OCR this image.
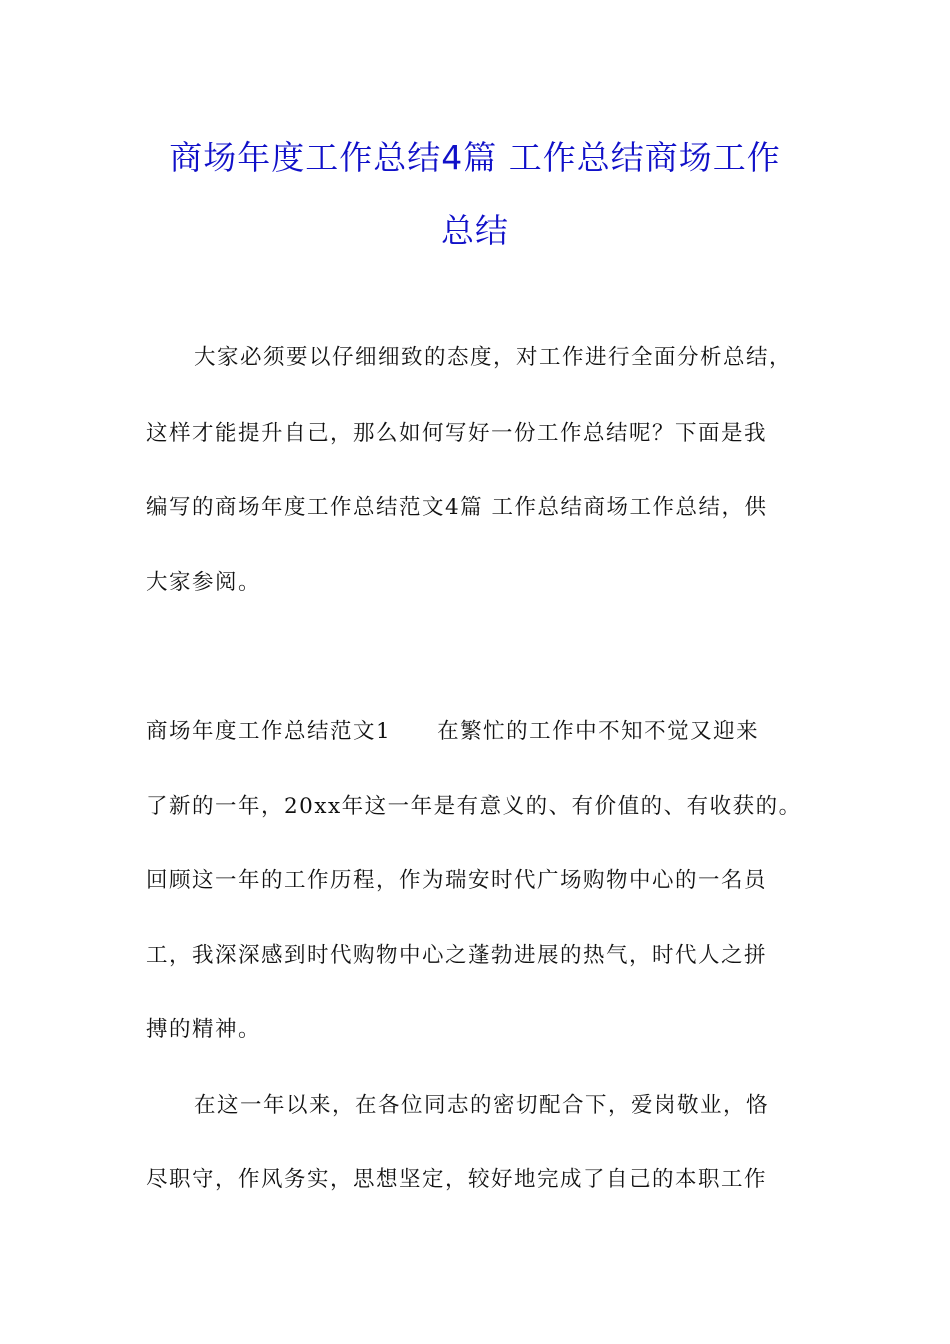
商场年度工作总结4篇 工作总结商场工作
总结
大家必须要以仔细细致的态度，对工作进行全面分析总结，
这样才能提升自己，那么如何写好一份工作总结呢？下面是我
编写的商场年度工作总结范文4篇 工作总结商场工作总结，供
大家参阅。
商场年度工作总结范文1　　在繁忙的工作中不知不觉又迎来
了新的一年，20xx年这一年是有意义的、有价值的、有收获的。
回顾这一年的工作历程，作为瑞安时代广场购物中心的一名员
工，我深深感到时代购物中心之蓬勃进展的热气，时代人之拼
搏的精神。
在这一年以来，在各位同志的密切配合下，爱岗敬业，恪
尽职守，作风务实，思想坚定，较好地完成了自己的本职工作
